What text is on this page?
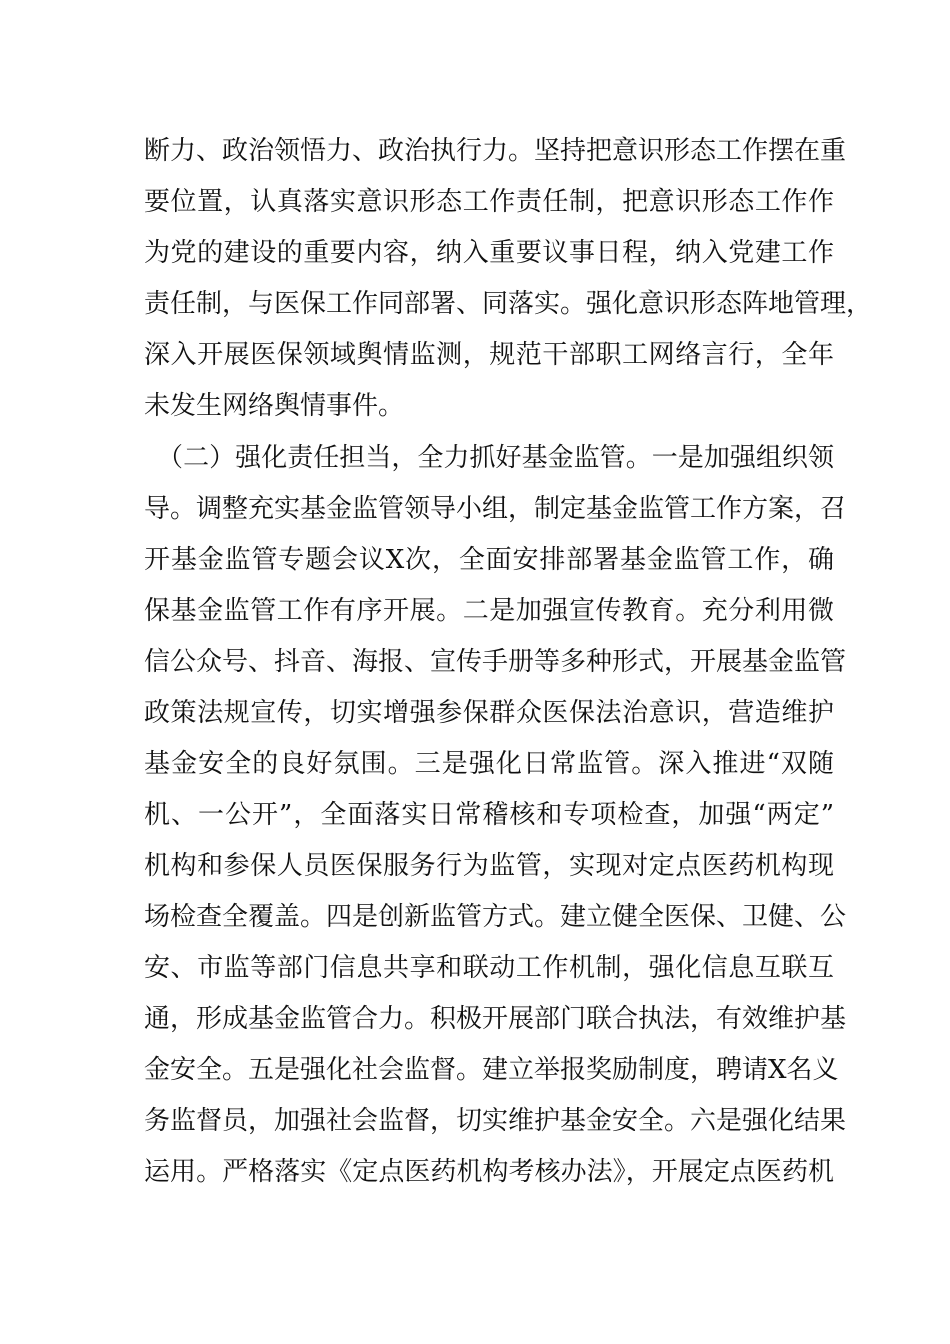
断力、政治领悟力、政治执行力。坚持把意识形态工作摆在重
要位置，认真落实意识形态工作责任制，把意识形态工作作
为党的建设的重要内容，纳入重要议事日程，纳入党建工作
责任制，与医保工作同部署、同落实。强化意识形态阵地管理，
深入开展医保领域舆情监测，规范干部职工网络言行，全年
未发生网络舆情事件。
　（二）强化责任担当，全力抓好基金监管。一是加强组织领
导。调整充实基金监管领导小组，制定基金监管工作方案，召
开基金监管专题会议X次，全面安排部署基金监管工作，确
保基金监管工作有序开展。二是加强宣传教育。充分利用微
信公众号、抖音、海报、宣传手册等多种形式，开展基金监管
政策法规宣传，切实增强参保群众医保法治意识，营造维护
基金安全的良好氛围。三是强化日常监管。深入推进“双随
机、一公开”，全面落实日常稽核和专项检查，加强“两定”
机构和参保人员医保服务行为监管，实现对定点医药机构现
场检查全覆盖。四是创新监管方式。建立健全医保、卫健、公
安、市监等部门信息共享和联动工作机制，强化信息互联互
通，形成基金监管合力。积极开展部门联合执法，有效维护基
金安全。五是强化社会监督。建立举报奖励制度，聘请X名义
务监督员，加强社会监督，切实维护基金安全。六是强化结果
运用。严格落实《定点医药机构考核办法》，开展定点医药机
